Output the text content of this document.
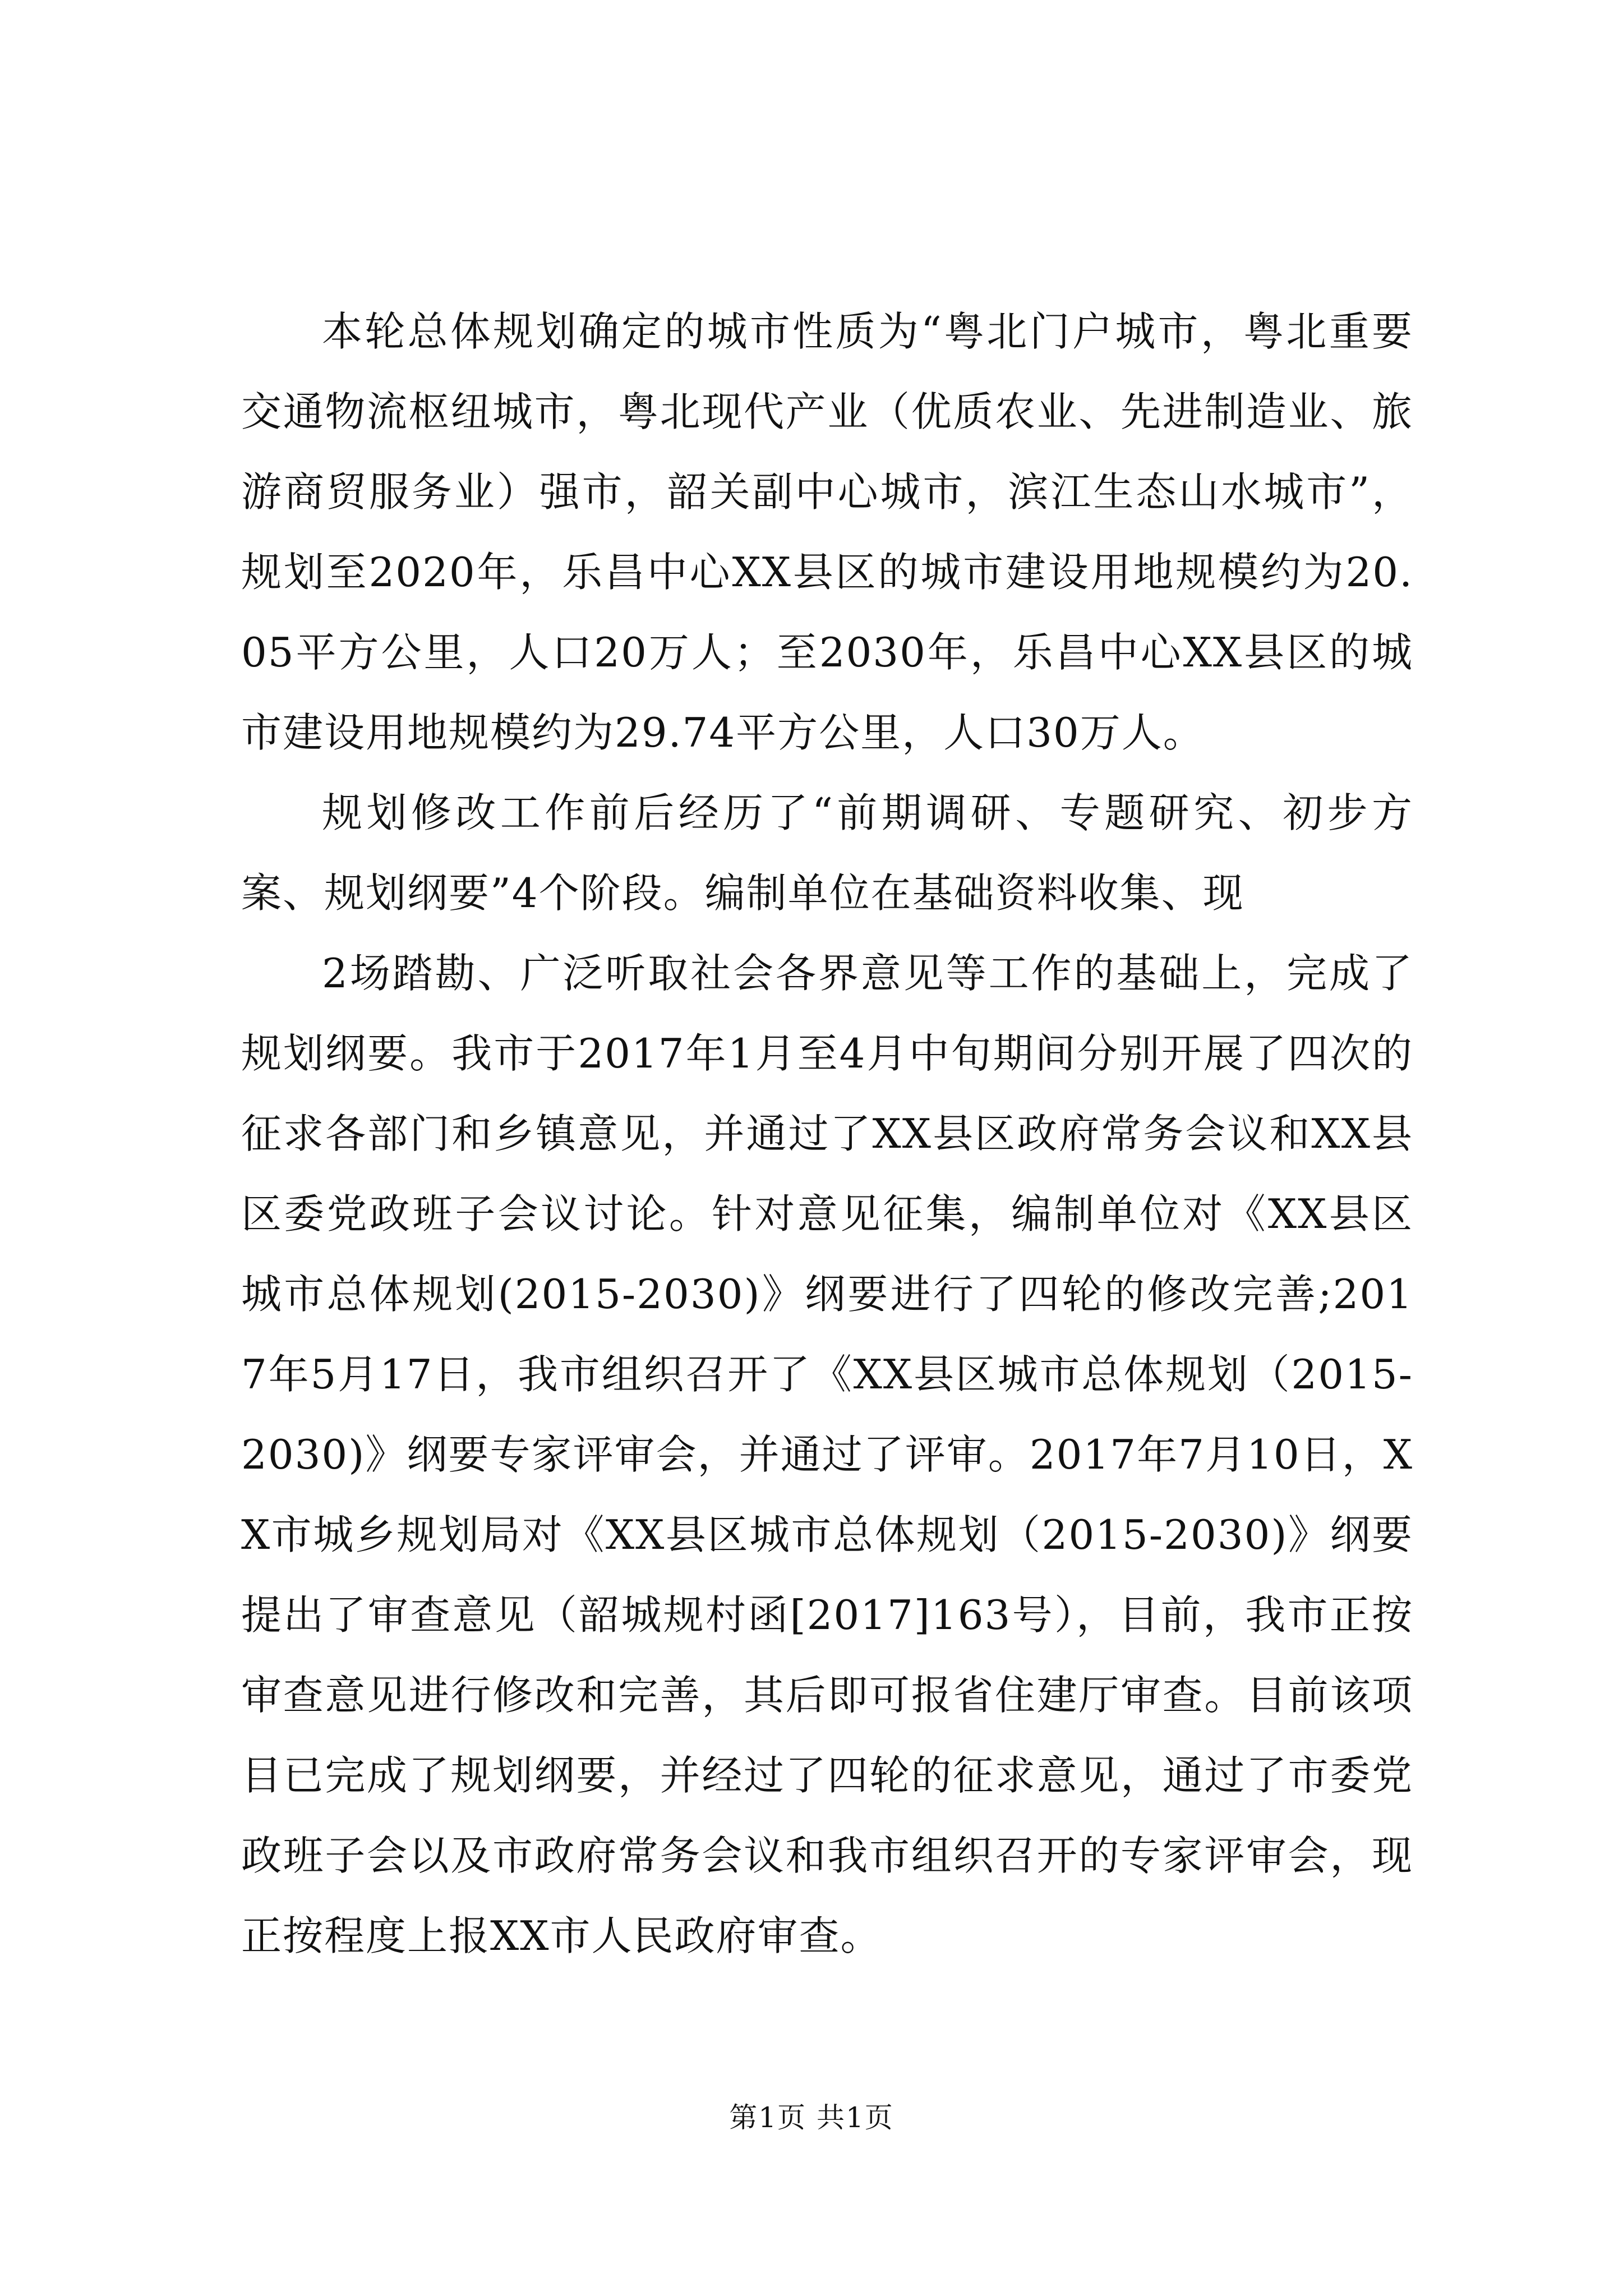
本轮总体规划确定的城市性质为“粤北门户城市，粤北重要交通物流枢纽城市，粤北现代产业（优质农业、先进制造业、旅游商贸服务业）强市，韶关副中心城市，滨江生态山水城市”，规划至2020年，乐昌中心XX县区的城市建设用地规模约为20.05平方公里，人口20万人；至2030年，乐昌中心XX县区的城市建设用地规模约为29.74平方公里，人口30万人。

规划修改工作前后经历了“前期调研、专题研究、初步方案、规划纲要”4个阶段。编制单位在基础资料收集、现

2场踏勘、广泛听取社会各界意见等工作的基础上，完成了规划纲要。我市于2017年1月至4月中旬期间分别开展了四次的征求各部门和乡镇意见，并通过了XX县区政府常务会议和XX县区委党政班子会议讨论。针对意见征集，编制单位对《XX县区城市总体规划(2015-2030)》纲要进行了四轮的修改完善;2017年5月17日，我市组织召开了《XX县区城市总体规划（2015-2030)》纲要专家评审会，并通过了评审。2017年7月10日，XX市城乡规划局对《XX县区城市总体规划（2015-2030)》纲要提出了审查意见（韶城规村函[2017]163号），目前，我市正按审查意见进行修改和完善，其后即可报省住建厅审查。目前该项目已完成了规划纲要，并经过了四轮的征求意见，通过了市委党政班子会以及市政府常务会议和我市组织召开的专家评审会，现正按程度上报XX市人民政府审查。

第1页 共1页
